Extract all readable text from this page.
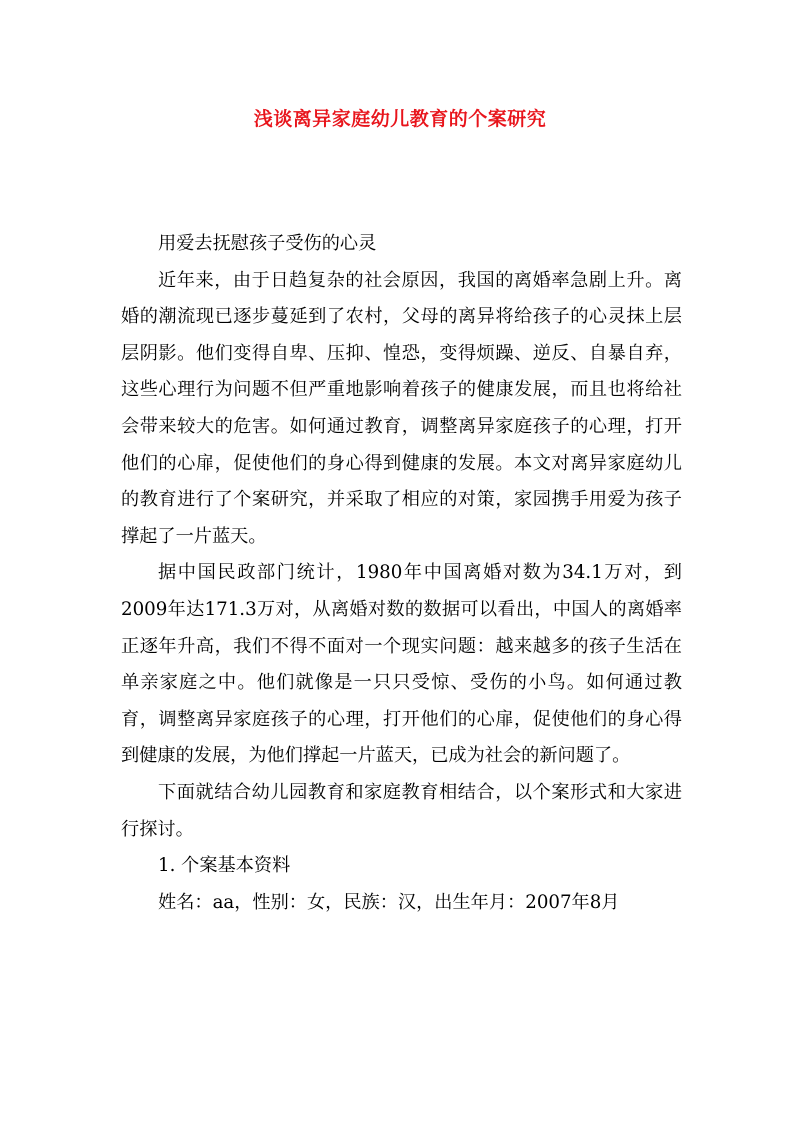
浅谈离异家庭幼儿教育的个案研究

用爱去抚慰孩子受伤的心灵

近年来，由于日趋复杂的社会原因，我国的离婚率急剧上升。离婚的潮流现已逐步蔓延到了农村，父母的离异将给孩子的心灵抹上层层阴影。他们变得自卑、压抑、惶恐，变得烦躁、逆反、自暴自弃，这些心理行为问题不但严重地影响着孩子的健康发展，而且也将给社会带来较大的危害。如何通过教育，调整离异家庭孩子的心理，打开他们的心扉，促使他们的身心得到健康的发展。本文对离异家庭幼儿的教育进行了个案研究，并采取了相应的对策，家园携手用爱为孩子撑起了一片蓝天。

据中国民政部门统计，1980年中国离婚对数为34.1万对，到2009年达171.3万对，从离婚对数的数据可以看出，中国人的离婚率正逐年升高，我们不得不面对一个现实问题：越来越多的孩子生活在单亲家庭之中。他们就像是一只只受惊、受伤的小鸟。如何通过教育，调整离异家庭孩子的心理，打开他们的心扉，促使他们的身心得到健康的发展，为他们撑起一片蓝天，已成为社会的新问题了。

下面就结合幼儿园教育和家庭教育相结合，以个案形式和大家进行探讨。

1. 个案基本资料

姓名：aa，性别：女，民族：汉，出生年月：2007年8月
